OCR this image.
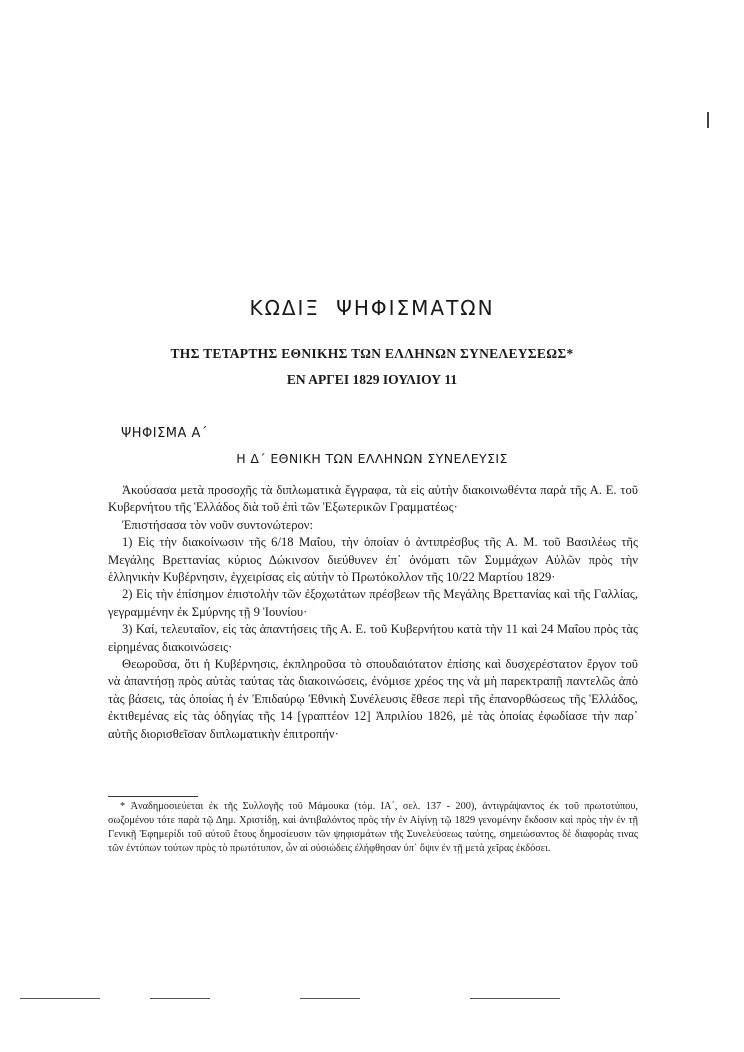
ΚΩΔΙΞ ΨΗΦΙΣΜΑΤΩΝ
ΤΗΣ ΤΕΤΑΡΤΗΣ ΕΘΝΙΚΗΣ ΤΩΝ ΕΛΛΗΝΩΝ ΣΥΝΕΛΕΥΣΕΩΣ*
ΕΝ ΑΡΓΕΙ 1829 ΙΟΥΛΙΟΥ 11
ΨΗΦΙΣΜΑ Α΄
Η Δ΄ ΕΘΝΙΚΗ ΤΩΝ ΕΛΛΗΝΩΝ ΣΥΝΕΛΕΥΣΙΣ

Ἀκούσασα μετὰ προσοχῆς τὰ διπλωματικὰ ἔγγραφα, τὰ εἰς αὐτὴν διακοινωθέντα παρὰ τῆς Α. Ε. τοῦ Κυβερνήτου τῆς Ἑλλάδος διὰ τοῦ ἐπὶ τῶν Ἐξωτερικῶν Γραμματέως·

Ἐπιστήσασα τὸν νοῦν συντονώτερον:

1) Εἰς τὴν διακοίνωσιν τῆς 6/18 Μαΐου, τὴν ὁποίαν ὁ ἀντιπρέσβυς τῆς Α. Μ. τοῦ Βασιλέως τῆς Μεγάλης Βρεττανίας κύριος Δώκινσον διεύθυνεν ἐπ᾽ ὀνόματι τῶν Συμμάχων Αὐλῶν πρὸς τὴν ἑλληνικὴν Κυβέρνησιν, ἐγχειρίσας εἰς αὐτὴν τὸ Πρωτόκολλον τῆς 10/22 Μαρτίου 1829·

2) Εἰς τὴν ἐπίσημον ἐπιστολὴν τῶν ἐξοχωτάτων πρέσβεων τῆς Μεγάλης Βρεττανίας καὶ τῆς Γαλλίας, γεγραμμένην ἐκ Σμύρνης τῇ 9 Ἰουνίου·

3) Καί, τελευταῖον, εἰς τὰς ἀπαντήσεις τῆς Α. Ε. τοῦ Κυβερνήτου κατὰ τὴν 11 καὶ 24 Μαΐου πρὸς τὰς εἰρημένας διακοινώσεις·

Θεωροῦσα, ὅτι ἡ Κυβέρνησις, ἐκπληροῦσα τὸ σπουδαιότατον ἐπίσης καὶ δυσχερέστατον ἔργον τοῦ νὰ ἀπαντήσῃ πρὸς αὐτὰς ταύτας τὰς διακοινώσεις, ἐνόμισε χρέος της νὰ μὴ παρεκτραπῇ παντελῶς ἀπὸ τὰς βάσεις, τὰς ὁποίας ἡ ἐν Ἐπιδαύρῳ Ἐθνικὴ Συνέλευσις ἔθεσε περὶ τῆς ἐπανορθώσεως τῆς Ἑλλάδος, ἐκτιθεμένας εἰς τὰς ὁδηγίας τῆς 14 [γραπτέον 12] Ἀπριλίου 1826, μὲ τὰς ὁποίας ἐφωδίασε τὴν παρ᾽ αὐτῆς διορισθεῖσαν διπλωματικὴν ἐπιτροπήν·

* Ἀναδημοσιεύεται ἐκ τῆς Συλλογῆς τοῦ Μάμουκα (τόμ. ΙΑ΄, σελ. 137 - 200), ἀντιγράψαντος ἐκ τοῦ πρωτοτύπου, σωζομένου τότε παρὰ τῷ Δημ. Χριστίδῃ, καὶ ἀντιβαλόντος πρὸς τὴν ἐν Αἰγίνῃ τῷ 1829 γενομένην ἔκδοσιν καὶ πρὸς τὴν ἐν τῇ Γενικῇ Ἐφημερίδι τοῦ αὐτοῦ ἔτους δημοσίευσιν τῶν ψηφισμάτων τῆς Συνελεύσεως ταύτης, σημειώσαντος δὲ διαφορὰς τινας τῶν ἐντύπων τούτων πρὸς τὸ πρωτότυπον, ὧν αἱ οὐσιώδεις ἐλήφθησαν ὑπ᾽ ὄψιν ἐν τῇ μετὰ χεῖρας ἐκδόσει.
